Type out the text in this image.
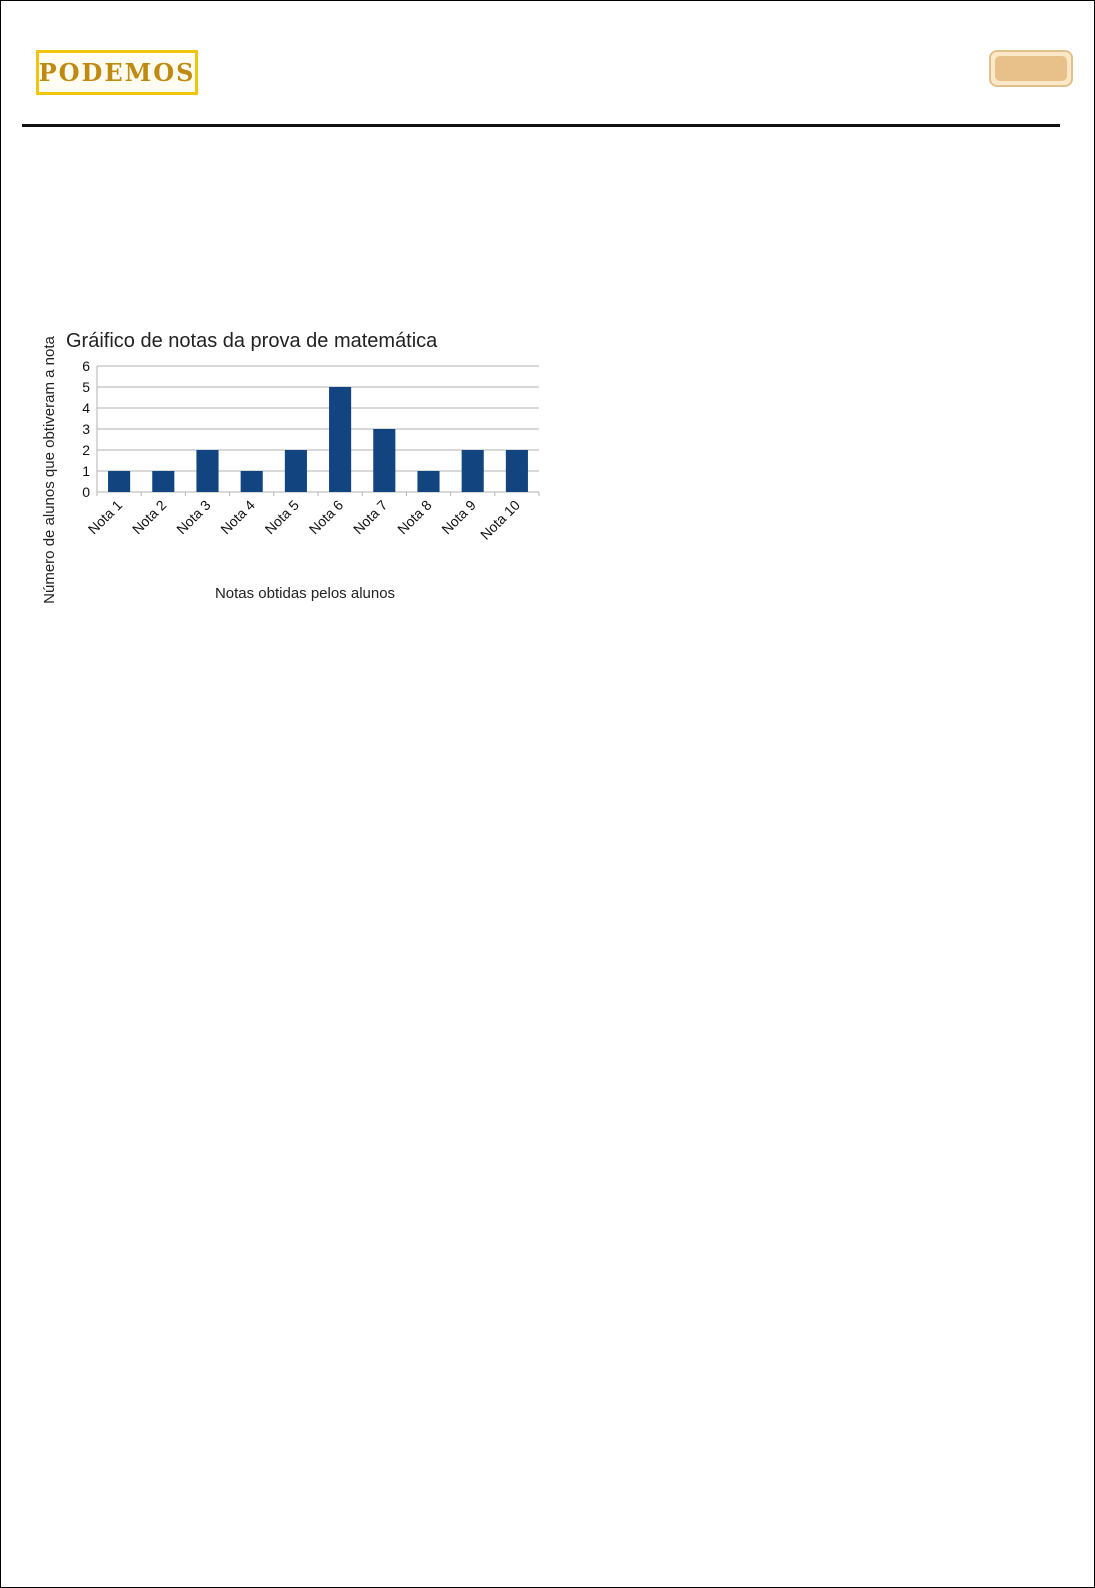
PODEMOS
Gráifico de notas da prova de matemática
Número de alunos que obtiveram a nota	Notas obtidas pelos alunos
0
1
2
3
4
5
6
Nota 1 Nota 2 Nota 3 Nota 4 Nota 5 Nota 6 Nota 7 Nota 8 Nota 9
Nota 10
